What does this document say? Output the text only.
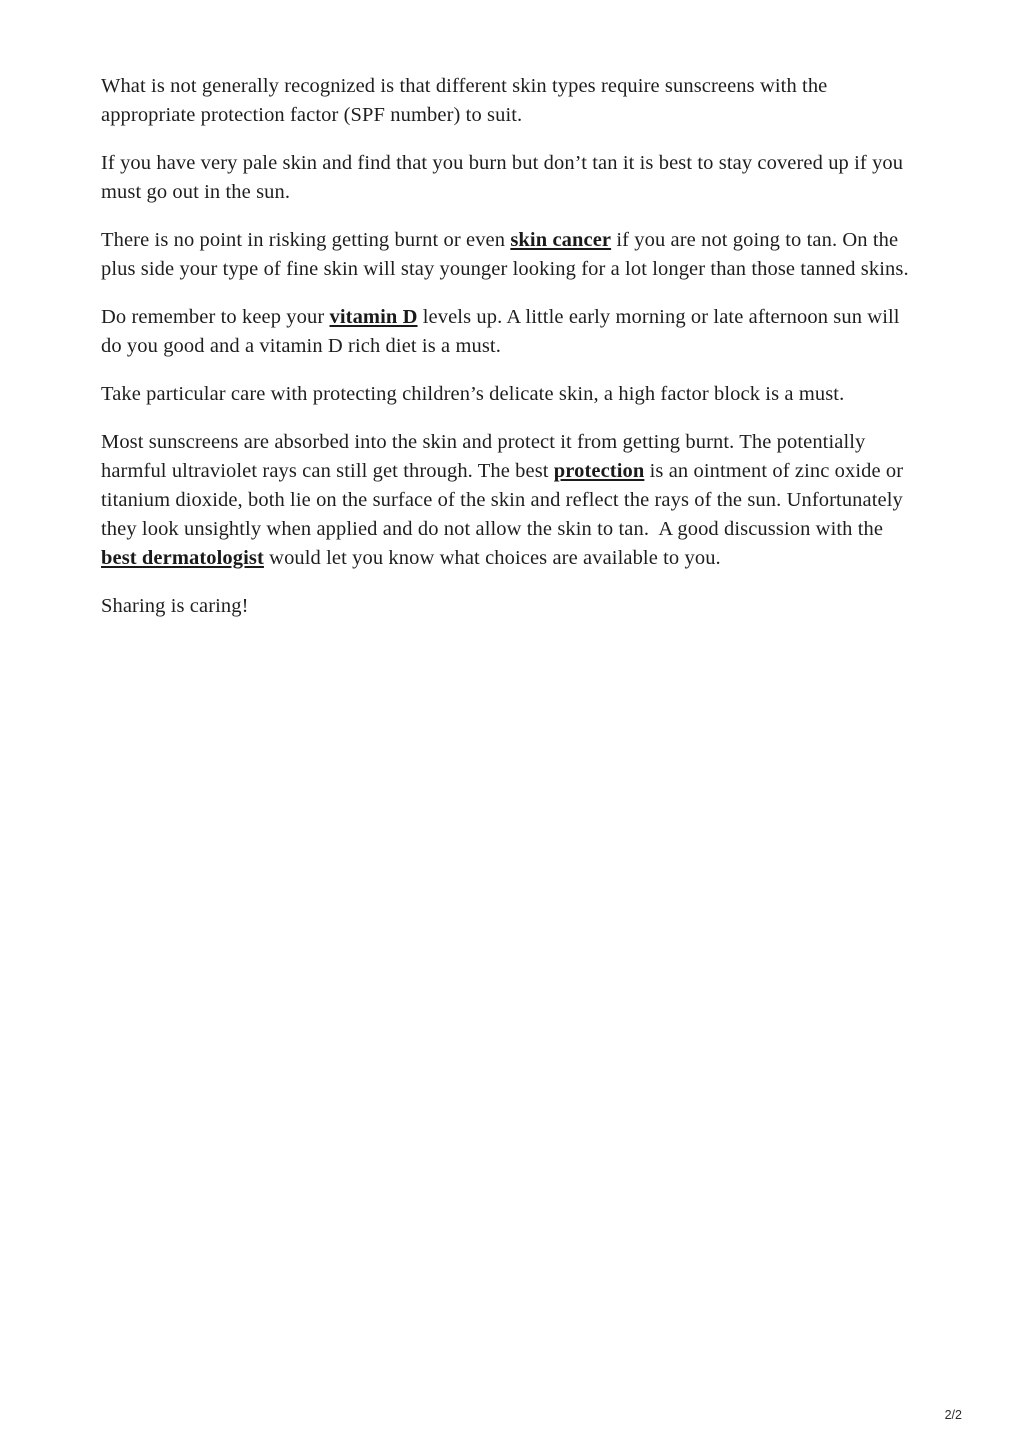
What is not generally recognized is that different skin types require sunscreens with the appropriate protection factor (SPF number) to suit.

If you have very pale skin and find that you burn but don’t tan it is best to stay covered up if you must go out in the sun.

There is no point in risking getting burnt or even skin cancer if you are not going to tan. On the plus side your type of fine skin will stay younger looking for a lot longer than those tanned skins.

Do remember to keep your vitamin D levels up. A little early morning or late afternoon sun will do you good and a vitamin D rich diet is a must.

Take particular care with protecting children’s delicate skin, a high factor block is a must.

Most sunscreens are absorbed into the skin and protect it from getting burnt. The potentially harmful ultraviolet rays can still get through. The best protection is an ointment of zinc oxide or titanium dioxide, both lie on the surface of the skin and reflect the rays of the sun. Unfortunately they look unsightly when applied and do not allow the skin to tan.  A good discussion with the best dermatologist would let you know what choices are available to you.

Sharing is caring!

2/2
